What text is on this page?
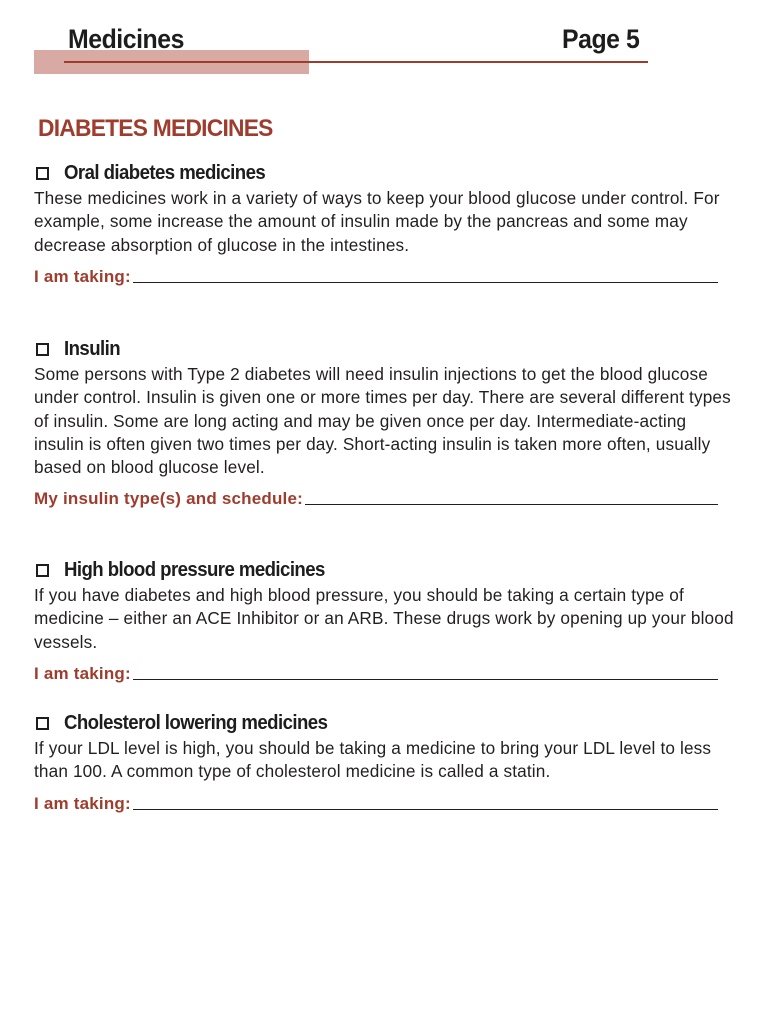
Medicines	Page 5
DIABETES MEDICINES
Oral diabetes medicines

These medicines work in a variety of ways to keep your blood glucose under control. For example, some increase the amount of insulin made by the pancreas and some may decrease absorption of glucose in the intestines.

I am taking:
Insulin

Some persons with Type 2 diabetes will need insulin injections to get the blood glucose under control. Insulin is given one or more times per day. There are several different types of insulin. Some are long acting and may be given once per day. Intermediate-acting insulin is often given two times per day. Short-acting insulin is taken more often, usually based on blood glucose level.

My insulin type(s) and schedule:
High blood pressure medicines

If you have diabetes and high blood pressure, you should be taking a certain type of medicine – either an ACE Inhibitor or an ARB. These drugs work by opening up your blood vessels.

I am taking:
Cholesterol lowering medicines

If your LDL level is high, you should be taking a medicine to bring your LDL level to less than 100. A common type of cholesterol medicine is called a statin.

I am taking:
